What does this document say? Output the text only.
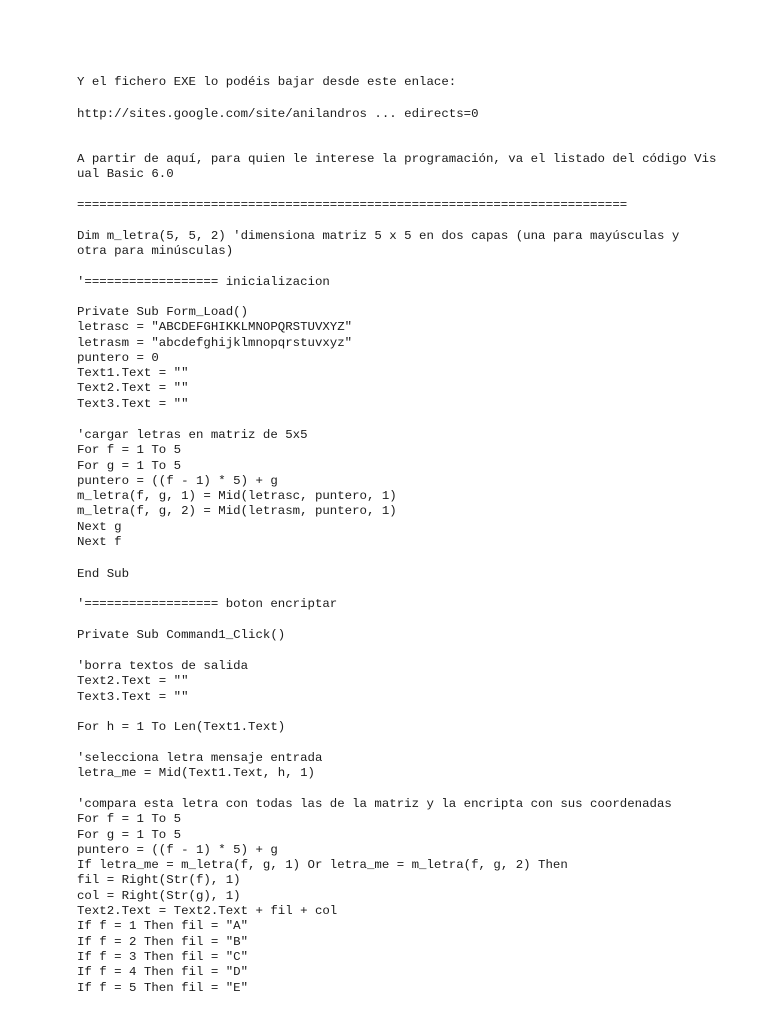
Y el fichero EXE lo podéis bajar desde este enlace:
http://sites.google.com/site/anilandros ... edirects=0
A partir de aquí, para quien le interese la programación, va el listado del código Vis
ual Basic 6.0
==========================================================================
Dim m_letra(5, 5, 2) 'dimensiona matriz 5 x 5 en dos capas (una para mayúsculas y
otra para minúsculas)
'================== inicializacion
Private Sub Form_Load()
letrasc = "ABCDEFGHIKKLMNOPQRSTUVXYZ"
letrasm = "abcdefghijklmnopqrstuvxyz"
puntero = 0
Text1.Text = ""
Text2.Text = ""
Text3.Text = ""
'cargar letras en matriz de 5x5
For f = 1 To 5
For g = 1 To 5
puntero = ((f - 1) * 5) + g
m_letra(f, g, 1) = Mid(letrasc, puntero, 1)
m_letra(f, g, 2) = Mid(letrasm, puntero, 1)
Next g
Next f
End Sub
'================== boton encriptar
Private Sub Command1_Click()
'borra textos de salida
Text2.Text = ""
Text3.Text = ""
For h = 1 To Len(Text1.Text)
'selecciona letra mensaje entrada
letra_me = Mid(Text1.Text, h, 1)
'compara esta letra con todas las de la matriz y la encripta con sus coordenadas
For f = 1 To 5
For g = 1 To 5
puntero = ((f - 1) * 5) + g
If letra_me = m_letra(f, g, 1) Or letra_me = m_letra(f, g, 2) Then
fil = Right(Str(f), 1)
col = Right(Str(g), 1)
Text2.Text = Text2.Text + fil + col
If f = 1 Then fil = "A"
If f = 2 Then fil = "B"
If f = 3 Then fil = "C"
If f = 4 Then fil = "D"
If f = 5 Then fil = "E"
